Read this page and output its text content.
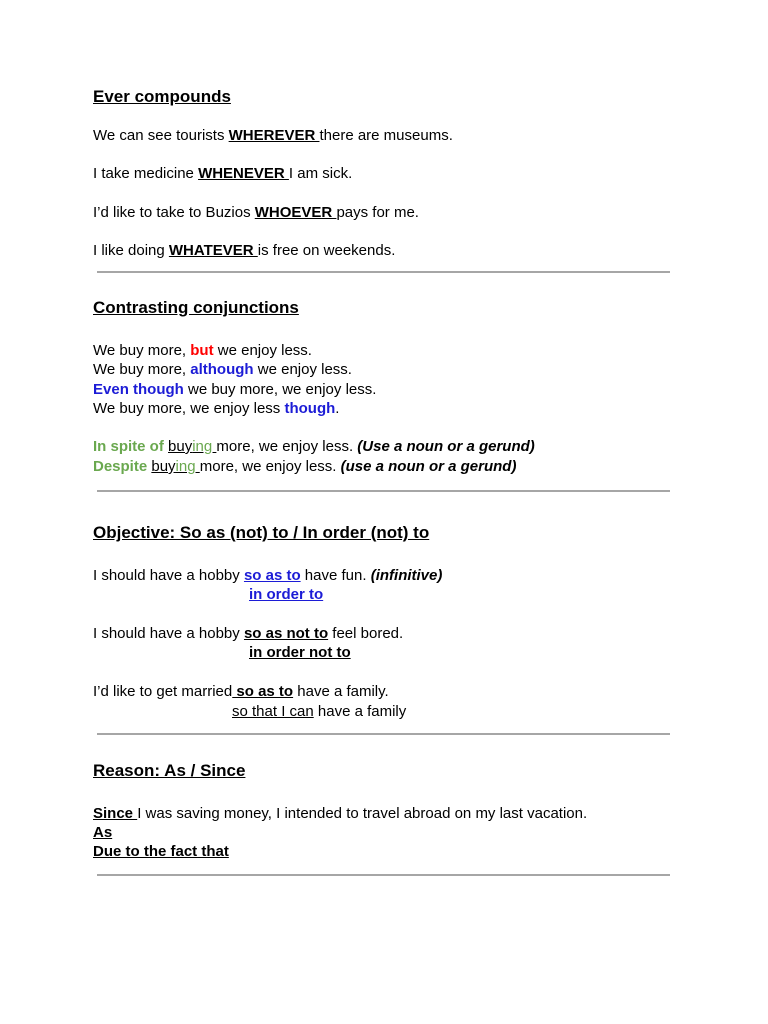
Ever compounds
We can see tourists WHEREVER there are museums.
I take medicine WHENEVER I am sick.
I’d like to take to Buzios WHOEVER pays for me.
I like doing WHATEVER is free on weekends.
Contrasting conjunctions
We buy more, but we enjoy less.
We buy more, although we enjoy less.
Even though we buy more, we enjoy less.
We buy more, we enjoy less though.
In spite of buying more, we enjoy less. (Use a noun or a gerund)
Despite buying more, we enjoy less. (use a noun or a gerund)
Objective: So as (not) to / In order (not) to
I should have a hobby so as to have fun. (infinitive)
in order to
I should have a hobby so as not to feel bored.
in order not to
I’d like to get married so as to have a family.
so that I can have a family
Reason: As / Since
Since I was saving money, I intended to travel abroad on my last vacation.
As
Due to the fact that
